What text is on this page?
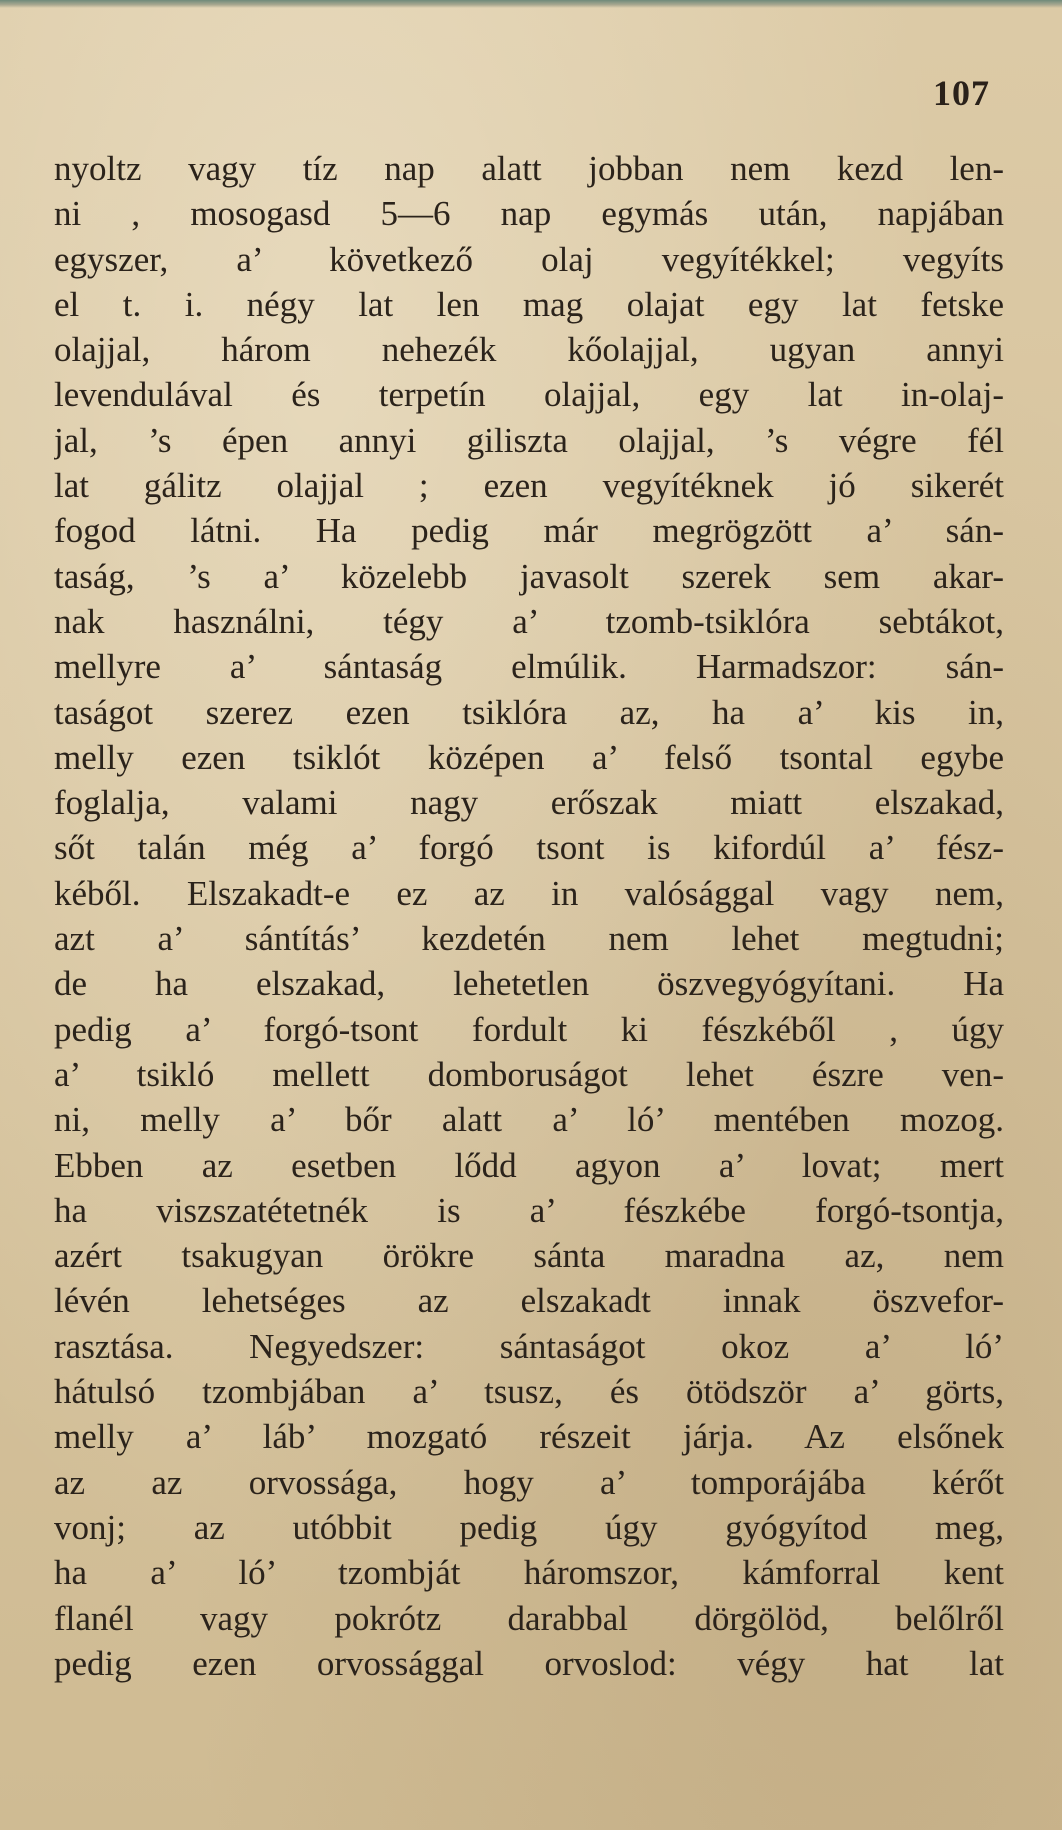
107
nyoltz vagy tíz nap alatt jobban nem kezd len-
ni , mosogasd 5—6 nap egymás után, napjában
egyszer, a’ következő olaj vegyítékkel; vegyíts
el t. i. négy lat len mag olajat egy lat fetske
olajjal, három nehezék kőolajjal, ugyan annyi
levendulával és terpetín olajjal, egy lat in-olaj-
jal, ’s épen annyi giliszta olajjal, ’s végre fél
lat gálitz olajjal ; ezen vegyítéknek jó sikerét
fogod látni. Ha pedig már megrögzött a’ sán-
taság, ’s a’ közelebb javasolt szerek sem akar-
nak használni, tégy a’ tzomb-tsiklóra sebtákot,
mellyre a’ sántaság elmúlik. Harmadszor: sán-
taságot szerez ezen tsiklóra az, ha a’ kis in,
melly ezen tsiklót középen a’ felső tsontal egybe
foglalja, valami nagy erőszak miatt elszakad,
sőt talán még a’ forgó tsont is kifordúl a’ fész-
kéből. Elszakadt-e ez az in valósággal vagy nem,
azt a’ sántítás’ kezdetén nem lehet megtudni;
de ha elszakad, lehetetlen öszvegyógyítani. Ha
pedig a’ forgó-tsont fordult ki fészkéből , úgy
a’ tsikló mellett domboruságot lehet észre ven-
ni, melly a’ bőr alatt a’ ló’ mentében mozog.
Ebben az esetben lődd agyon a’ lovat; mert
ha viszszatétetnék is a’ fészkébe forgó-tsontja,
azért tsakugyan örökre sánta maradna az, nem
lévén lehetséges az elszakadt innak öszvefor-
rasztása. Negyedszer: sántaságot okoz a’ ló’
hátulsó tzombjában a’ tsusz, és ötödször a’ görts,
melly a’ láb’ mozgató részeit járja. Az elsőnek
az az orvossága, hogy a’ tomporájába kérőt
vonj; az utóbbit pedig úgy gyógyítod meg,
ha a’ ló’ tzombját háromszor, kámforral kent
flanél vagy pokrótz darabbal dörgölöd, belőlről
pedig ezen orvossággal orvoslod: végy hat lat
